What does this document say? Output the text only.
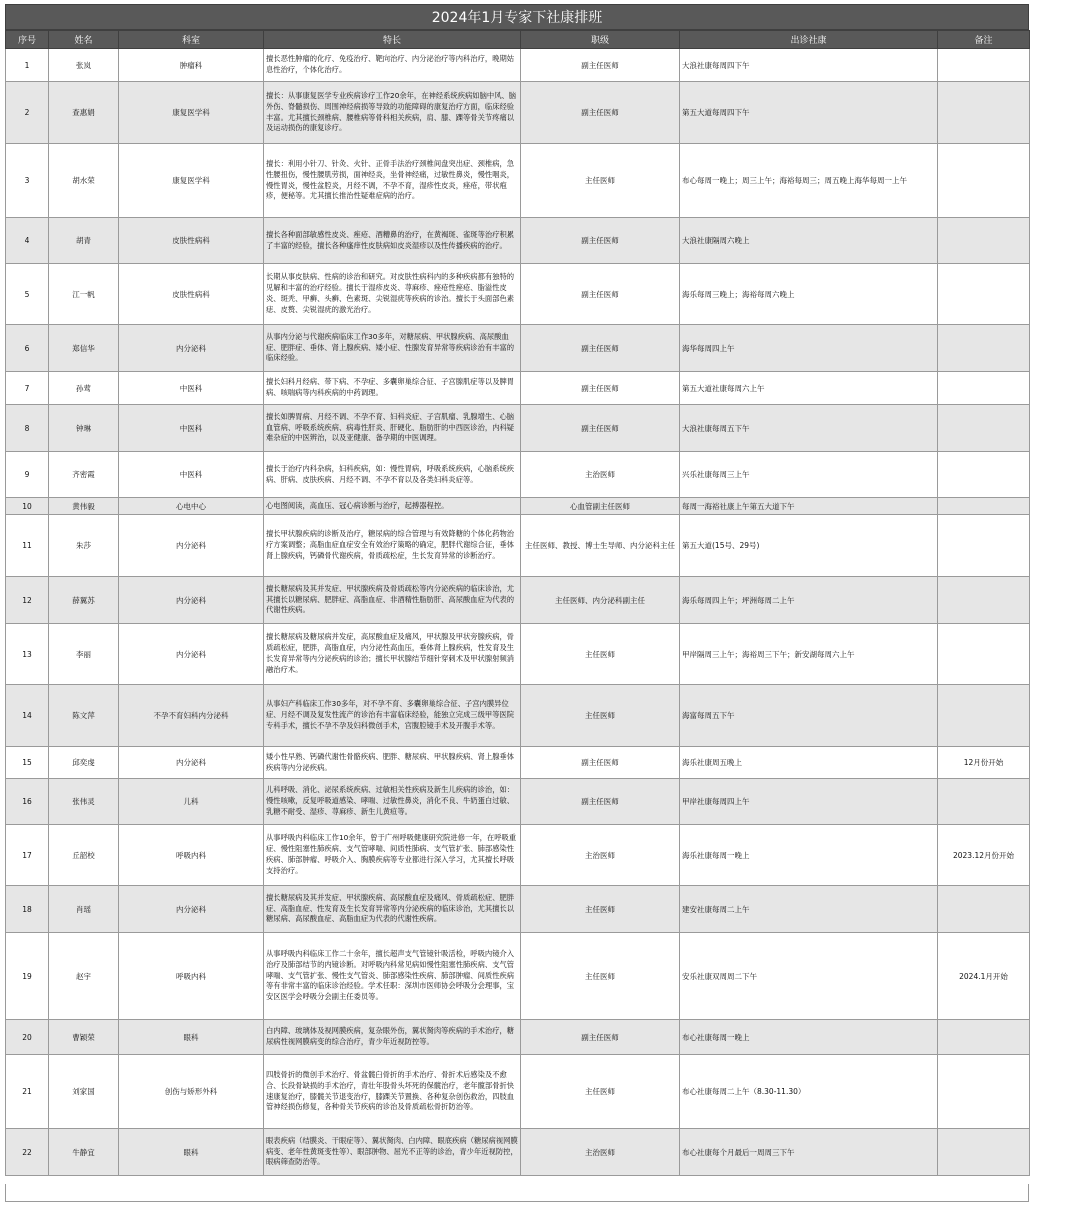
2024年1月专家下社康排班
序号	姓名	科室	特长	职级	出诊社康	备注
1	张岚	肿瘤科	擅长恶性肿瘤的化疗、免疫治疗、靶向治疗、内分泌治疗等内科治疗，晚期姑息性治疗，个体化治疗。	副主任医师	大浪社康每周四下午	
2	查惠娟	康复医学科	擅长：从事康复医学专业疾病诊疗工作20余年，在神经系统疾病如脑中风、脑外伤、脊髓损伤、周围神经病损等导致的功能障碍的康复治疗方面，临床经验丰富。尤其擅长颈椎病、腰椎病等骨科相关疾病，肩、膝、踝等骨关节疼痛以及运动损伤的康复诊疗。	副主任医师	第五大道每周四下午	
3	胡水荣	康复医学科	擅长：利用小针刀、针灸、火针、正骨手法治疗颈椎间盘突出症、颈椎病，急性腰扭伤，慢性腰肌劳损，面神经炎，坐骨神经痛，过敏性鼻炎，慢性咽炎，慢性胃炎，慢性盆腔炎，月经不调，不孕不育，湿疹性皮炎，痤疮，带状疱疹，便秘等。尤其擅长推治性疑难症病的治疗。	主任医师	布心每周一晚上；周三上午；海裕每周三；周五晚上海华每周一上午	
4	胡青	皮肤性病科	擅长各种面部敏感性皮炎、痤疮、酒糟鼻的治疗，在黄褐斑、雀斑等治疗积累了丰富的经验，擅长各种瘙痒性皮肤病如皮炎湿疹以及性传播疾病的治疗。	副主任医师	大浪社康隔周六晚上	
5	江一帆	皮肤性病科	长期从事皮肤病、性病的诊治和研究。对皮肤性病科内的多种疾病都有独特的见解和丰富的治疗经验。擅长于湿疹皮炎、荨麻疹、痤疮性痤疮、脂溢性皮炎、斑秃、甲癣、头癣、色素斑、尖锐湿疣等疾病的诊治。擅长于头面部色素痣、皮赘、尖锐湿疣的激光治疗。	副主任医师	海乐每周三晚上；海裕每周六晚上	
6	郑信华	内分泌科	从事内分泌与代谢疾病临床工作30多年，对糖尿病、甲状腺疾病、高尿酸血症、肥胖症、垂体、肾上腺疾病、矮小症、性腺发育异常等疾病诊治有丰富的临床经验。	副主任医师	海华每周四上午	
7	孙莺	中医科	擅长妇科月经病、带下病、不孕症、多囊卵巢综合征、子宫腺肌症等以及脾胃病、咳喘病等内科疾病的中药调理。	副主任医师	第五大道社康每周六上午	
8	钟琳	中医科	擅长如脾胃病、月经不调、不孕不育、妇科炎症、子宫肌瘤、乳腺增生、心脑血管病、呼吸系统疾病、病毒性肝炎、肝硬化、脂肪肝的中西医诊治，内科疑难杂症的中医辨治，以及亚健康、备孕期的中医调理。	副主任医师	大浪社康每周五下午	
9	齐密霞	中医科	擅长于治疗内科杂病，妇科疾病，如：慢性胃病，呼吸系统疾病，心脑系统疾病、肝病、皮肤疾病、月经不调、不孕不育以及各类妇科炎症等。	主治医师	兴乐社康每周三上午	
10	黄伟毅	心电中心	心电图阅读，高血压、冠心病诊断与治疗，起搏器程控。	心血管副主任医师	每周一海裕社康上午第五大道下午	
11	朱莎	内分泌科	擅长甲状腺疾病的诊断及治疗，糖尿病的综合管理与有效降糖的个体化药物治疗方案调整；高脂血症血症安全有效治疗策略的确定，肥胖代谢综合征，垂体肾上腺疾病，钙磷骨代谢疾病，骨质疏松症，生长发育异常的诊断治疗。	主任医师、教授、博士生导师、内分泌科主任	第五大道(15号、29号)	
12	薛翼苏	内分泌科	擅长糖尿病及其并发症、甲状腺疾病及骨质疏松等内分泌疾病的临床诊治，尤其擅长以糖尿病、肥胖症、高脂血症、非酒精性脂肪肝、高尿酸血症为代表的代谢性疾病。	主任医师、内分泌科副主任	海乐每周四上午；坪洲每周二上午	
13	李丽	内分泌科	擅长糖尿病及糖尿病并发症，高尿酸血症及痛风，甲状腺及甲状旁腺疾病，骨质疏松症，肥胖，高脂血症，内分泌性高血压，垂体肾上腺疾病，性发育及生长发育异常等内分泌疾病的诊治；擅长甲状腺结节细针穿刺术及甲状腺射频消融治疗术。	主任医师	甲岸隔周三上午；海裕周三下午；新安湖每周六上午	
14	陈文萍	不孕不育妇科内分泌科	从事妇产科临床工作30多年，对不孕不育、多囊卵巢综合征、子宫内膜异位症、月经不调及复发性流产的诊治有丰富临床经验，能独立完成三级甲等医院专科手术，擅长不孕不孕及妇科微创手术，宫腹腔镜手术及开腹手术等。	主任医师	海富每周五下午	
15	邱奕虔	内分泌科	矮小性早熟、钙磷代谢性骨骼疾病、肥胖、糖尿病、甲状腺疾病、肾上腺垂体疾病等内分泌疾病。	副主任医师	海乐社康周五晚上	12月份开始
16	张伟灵	儿科	儿科呼吸、消化、泌尿系统疾病、过敏相关性疾病及新生儿疾病的诊治，如：慢性咳嗽，反复呼吸道感染、哮喘、过敏性鼻炎，消化不良、牛奶蛋白过敏、乳糖不耐受、湿疹、荨麻疹、新生儿黄疸等。	副主任医师	甲岸社康每周四上午	
17	丘韶校	呼吸内科	从事呼吸内科临床工作10余年，曾于广州呼吸健康研究院进修一年，在呼吸重症、慢性阻塞性肺疾病、支气管哮喘、间质性肺病、支气管扩张、肺部感染性疾病、肺部肿瘤、呼吸介入、胸膜疾病等专业都进行深入学习，尤其擅长呼吸支持治疗。	主治医师	海乐社康每周一晚上	2023.12月份开始
18	肖瑶	内分泌科	擅长糖尿病及其并发症、甲状腺疾病、高尿酸血症及痛风、骨质疏松症、肥胖症、高脂血症、性发育及生长发育异常等内分泌疾病的临床诊治，尤其擅长以糖尿病、高尿酸血症、高脂血症为代表的代谢性疾病。	主任医师	建安社康每周二上午	
19	赵宇	呼吸内科	从事呼吸内科临床工作二十余年，擅长超声支气管镜针吸活检，呼吸内镜介入治疗及肺部结节的内镜诊断。对呼吸内科常见病如慢性阻塞性肺疾病、支气管哮喘、支气管扩张、慢性支气管炎、肺部感染性疾病、肺部肿瘤、间质性疾病等有非常丰富的临床诊治经验。学术任职：深圳市医师协会呼吸分会理事，宝安区医学会呼吸分会副主任委员等。	主任医师	安乐社康双周周二下午	2024.1月开始
20	曹颖荣	眼科	白内障、玻璃体及视网膜疾病，复杂眼外伤，翼状胬肉等疾病的手术治疗，糖尿病性视网膜病变的综合治疗，青少年近视防控等。	副主任医师	布心社康每周一晚上	
21	刘家国	创伤与矫形外科	四肢骨折的微创手术治疗、骨盆髋臼骨折的手术治疗、骨折术后感染及不愈合、长段骨缺损的手术治疗，青壮年股骨头坏死的保髋治疗，老年髋部骨折快速康复治疗，膝髋关节退变治疗，膝踝关节置换、各种复杂创伤救治，四肢血管神经损伤修复，各种骨关节疾病的诊治及骨质疏松骨折防治等。	主任医师	布心社康每周二上午（8.30-11.30）	
22	牛静宜	眼科	眼表疾病（结膜炎、干眼症等）、翼状胬肉、白内障、眼底疾病（糖尿病视网膜病变、老年性黄斑变性等）、眼部肿物、屈光不正等的诊治，青少年近视防控，眼病筛查防治等。	主治医师	布心社康每个月最后一周周三下午	
